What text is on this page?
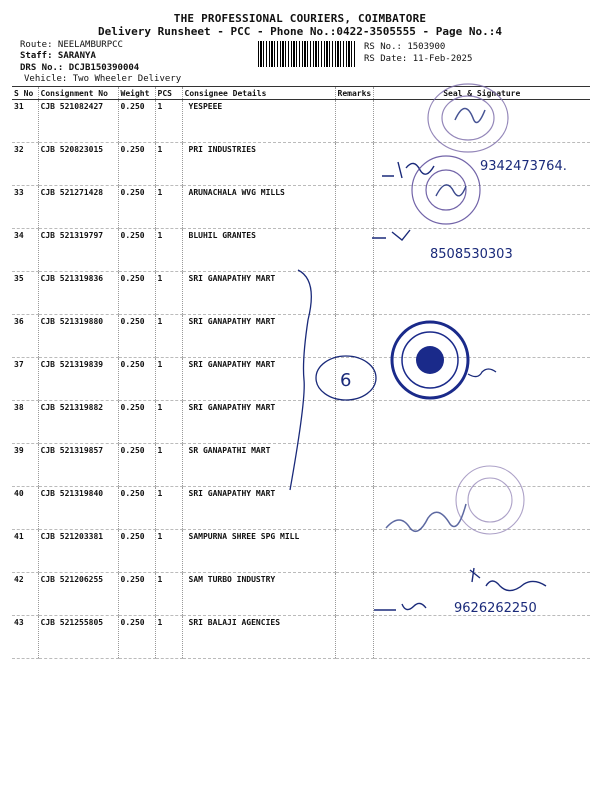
THE PROFESSIONAL COURIERS, COIMBATORE
Delivery Runsheet - PCC - Phone No.:0422-3505555 - Page No.:4
Route: NEELAMBURPCC
Staff: SARANYA
DRS No.: DCJB150390004
Vehicle: Two Wheeler Delivery
RS No.: 1503900
RS Date: 11-Feb-2025
S No	Consignment No	Weight	PCS	Consignee Details	Remarks	Seal & Signature
31	CJB 521082427	0.250	1	YESPEEE		
32	CJB 520823015	0.250	1	PRI INDUSTRIES		
33	CJB 521271428	0.250	1	ARUNACHALA WVG MILLS		
34	CJB 521319797	0.250	1	BLUHIL GRANTES		
35	CJB 521319836	0.250	1	SRI GANAPATHY MART		
36	CJB 521319880	0.250	1	SRI GANAPATHY MART		
37	CJB 521319839	0.250	1	SRI GANAPATHY MART		
38	CJB 521319882	0.250	1	SRI GANAPATHY MART		
39	CJB 521319857	0.250	1	SR GANAPATHI MART		
40	CJB 521319840	0.250	1	SRI GANAPATHY MART		
41	CJB 521203381	0.250	1	SAMPURNA SHREE SPG MILL		
42	CJB 521206255	0.250	1	SAM TURBO INDUSTRY		
43	CJB 521255805	0.250	1	SRI BALAJI AGENCIES		
9342473764.
8508530303
6
9626262250
